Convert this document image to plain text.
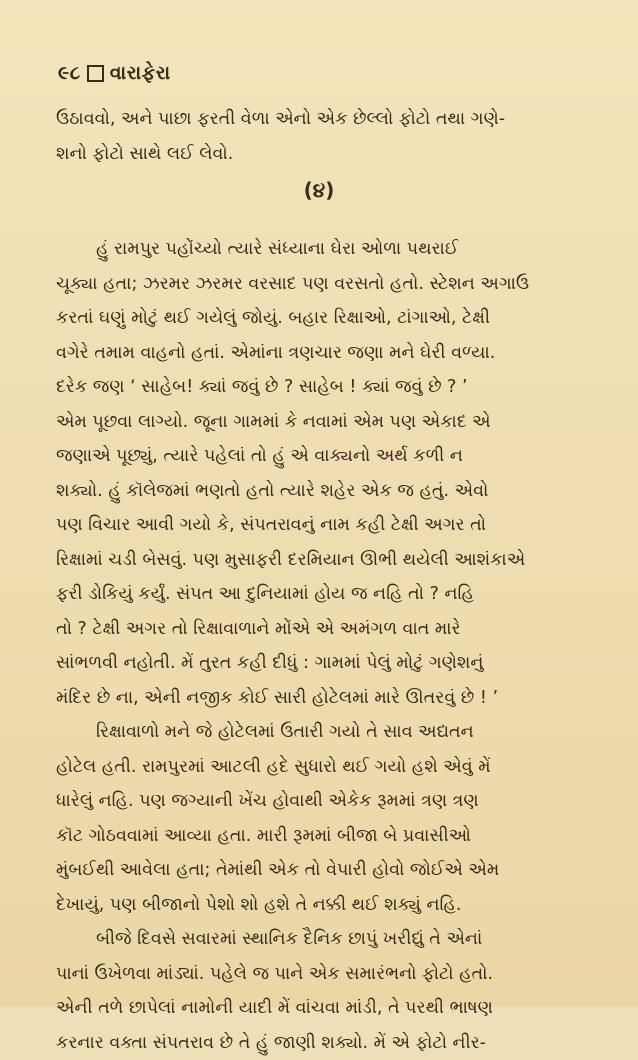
૯૮ વારાફેરા
ઉઠાવવો, અને પાછા ફરતી વેળા એનો એક છેલ્લો ફોટો તથા ગણે-
શનો ફોટો સાથે લઈ લેવો.
(૪)
હું રામપુર પહોંચ્યો ત્યારે સંધ્યાના ઘેરા ઓળા પથરાઈ
ચૂક્યા હતા; ઝરમર ઝરમર વરસાદ પણ વરસતો હતો. સ્ટેશન અગાઉ
કરતાં ઘણું મોટું થઈ ગયેલું જોયું. બહાર રિક્ષાઓ, ટાંગાઓ, ટેક્ષી
વગેરે તમામ વાહનો હતાં. એમાંના ત્રણચાર જણા મને ઘેરી વળ્યા.
દરેક જણ ‘ સાહેબ! ક્યાં જવું છે ? સાહેબ ! ક્યાં જવું છે ? ’
એમ પૂછવા લાગ્યો. જૂના ગામમાં કે નવામાં એમ પણ એકાદ એ
જણાએ પૂછ્યું, ત્યારે પહેલાં તો હું એ વાક્યનો અર્થ કળી ન
શક્યો. હું કૉલેજમાં ભણતો હતો ત્યારે શહેર એક જ હતું. એવો
પણ વિચાર આવી ગયો કે, સંપતરાવનું નામ કહી ટેક્ષી અગર તો
રિક્ષામાં ચડી બેસવું. પણ મુસાફરી દરમિયાન ઊભી થયેલી આશંકાએ
ફરી ડોકિયું કર્યું. સંપત આ દુનિયામાં હોય જ નહિ તો ? નહિ
તો ? ટેક્ષી અગર તો રિક્ષાવાળાને મોંએ એ અમંગળ વાત મારે
સાંભળવી નહોતી. મેં તુરત કહી દીધું : ગામમાં પેલું મોટું ગણેશનું
મંદિર છે ના, એની નજીક કોઈ સારી હોટેલમાં મારે ઊતરવું છે ! ’
રિક્ષાવાળો મને જે હોટેલમાં ઉતારી ગયો તે સાવ અદ્યતન
હોટેલ હતી. રામપુરમાં આટલી હદે સુધારો થઈ ગયો હશે એવું મેં
ધારેલું નહિ. પણ જગ્યાની ખેંચ હોવાથી એકેક રૂમમાં ત્રણ ત્રણ
કૉટ ગોઠવવામાં આવ્યા હતા. મારી રૂમમાં બીજા બે પ્રવાસીઓ
મુંબઈથી આવેલા હતા; તેમાંથી એક તો વેપારી હોવો જોઈએ એમ
દેખાયું, પણ બીજાનો પેશો શો હશે તે નક્કી થઈ શક્યું નહિ.
બીજે દિવસે સવારમાં સ્થાનિક દૈનિક છાપું ખરીદ્યું તે એનાં
પાનાં ઉખેળવા માંડ્યાં. પહેલે જ પાને એક સમારંભનો ફોટો હતો.
એની તળે છાપેલાં નામોની યાદી મેં વાંચવા માંડી, તે પરથી ભાષણ
કરનાર વક્તા સંપતરાવ છે તે હું જાણી શક્યો. મેં એ ફોટો નીર-
